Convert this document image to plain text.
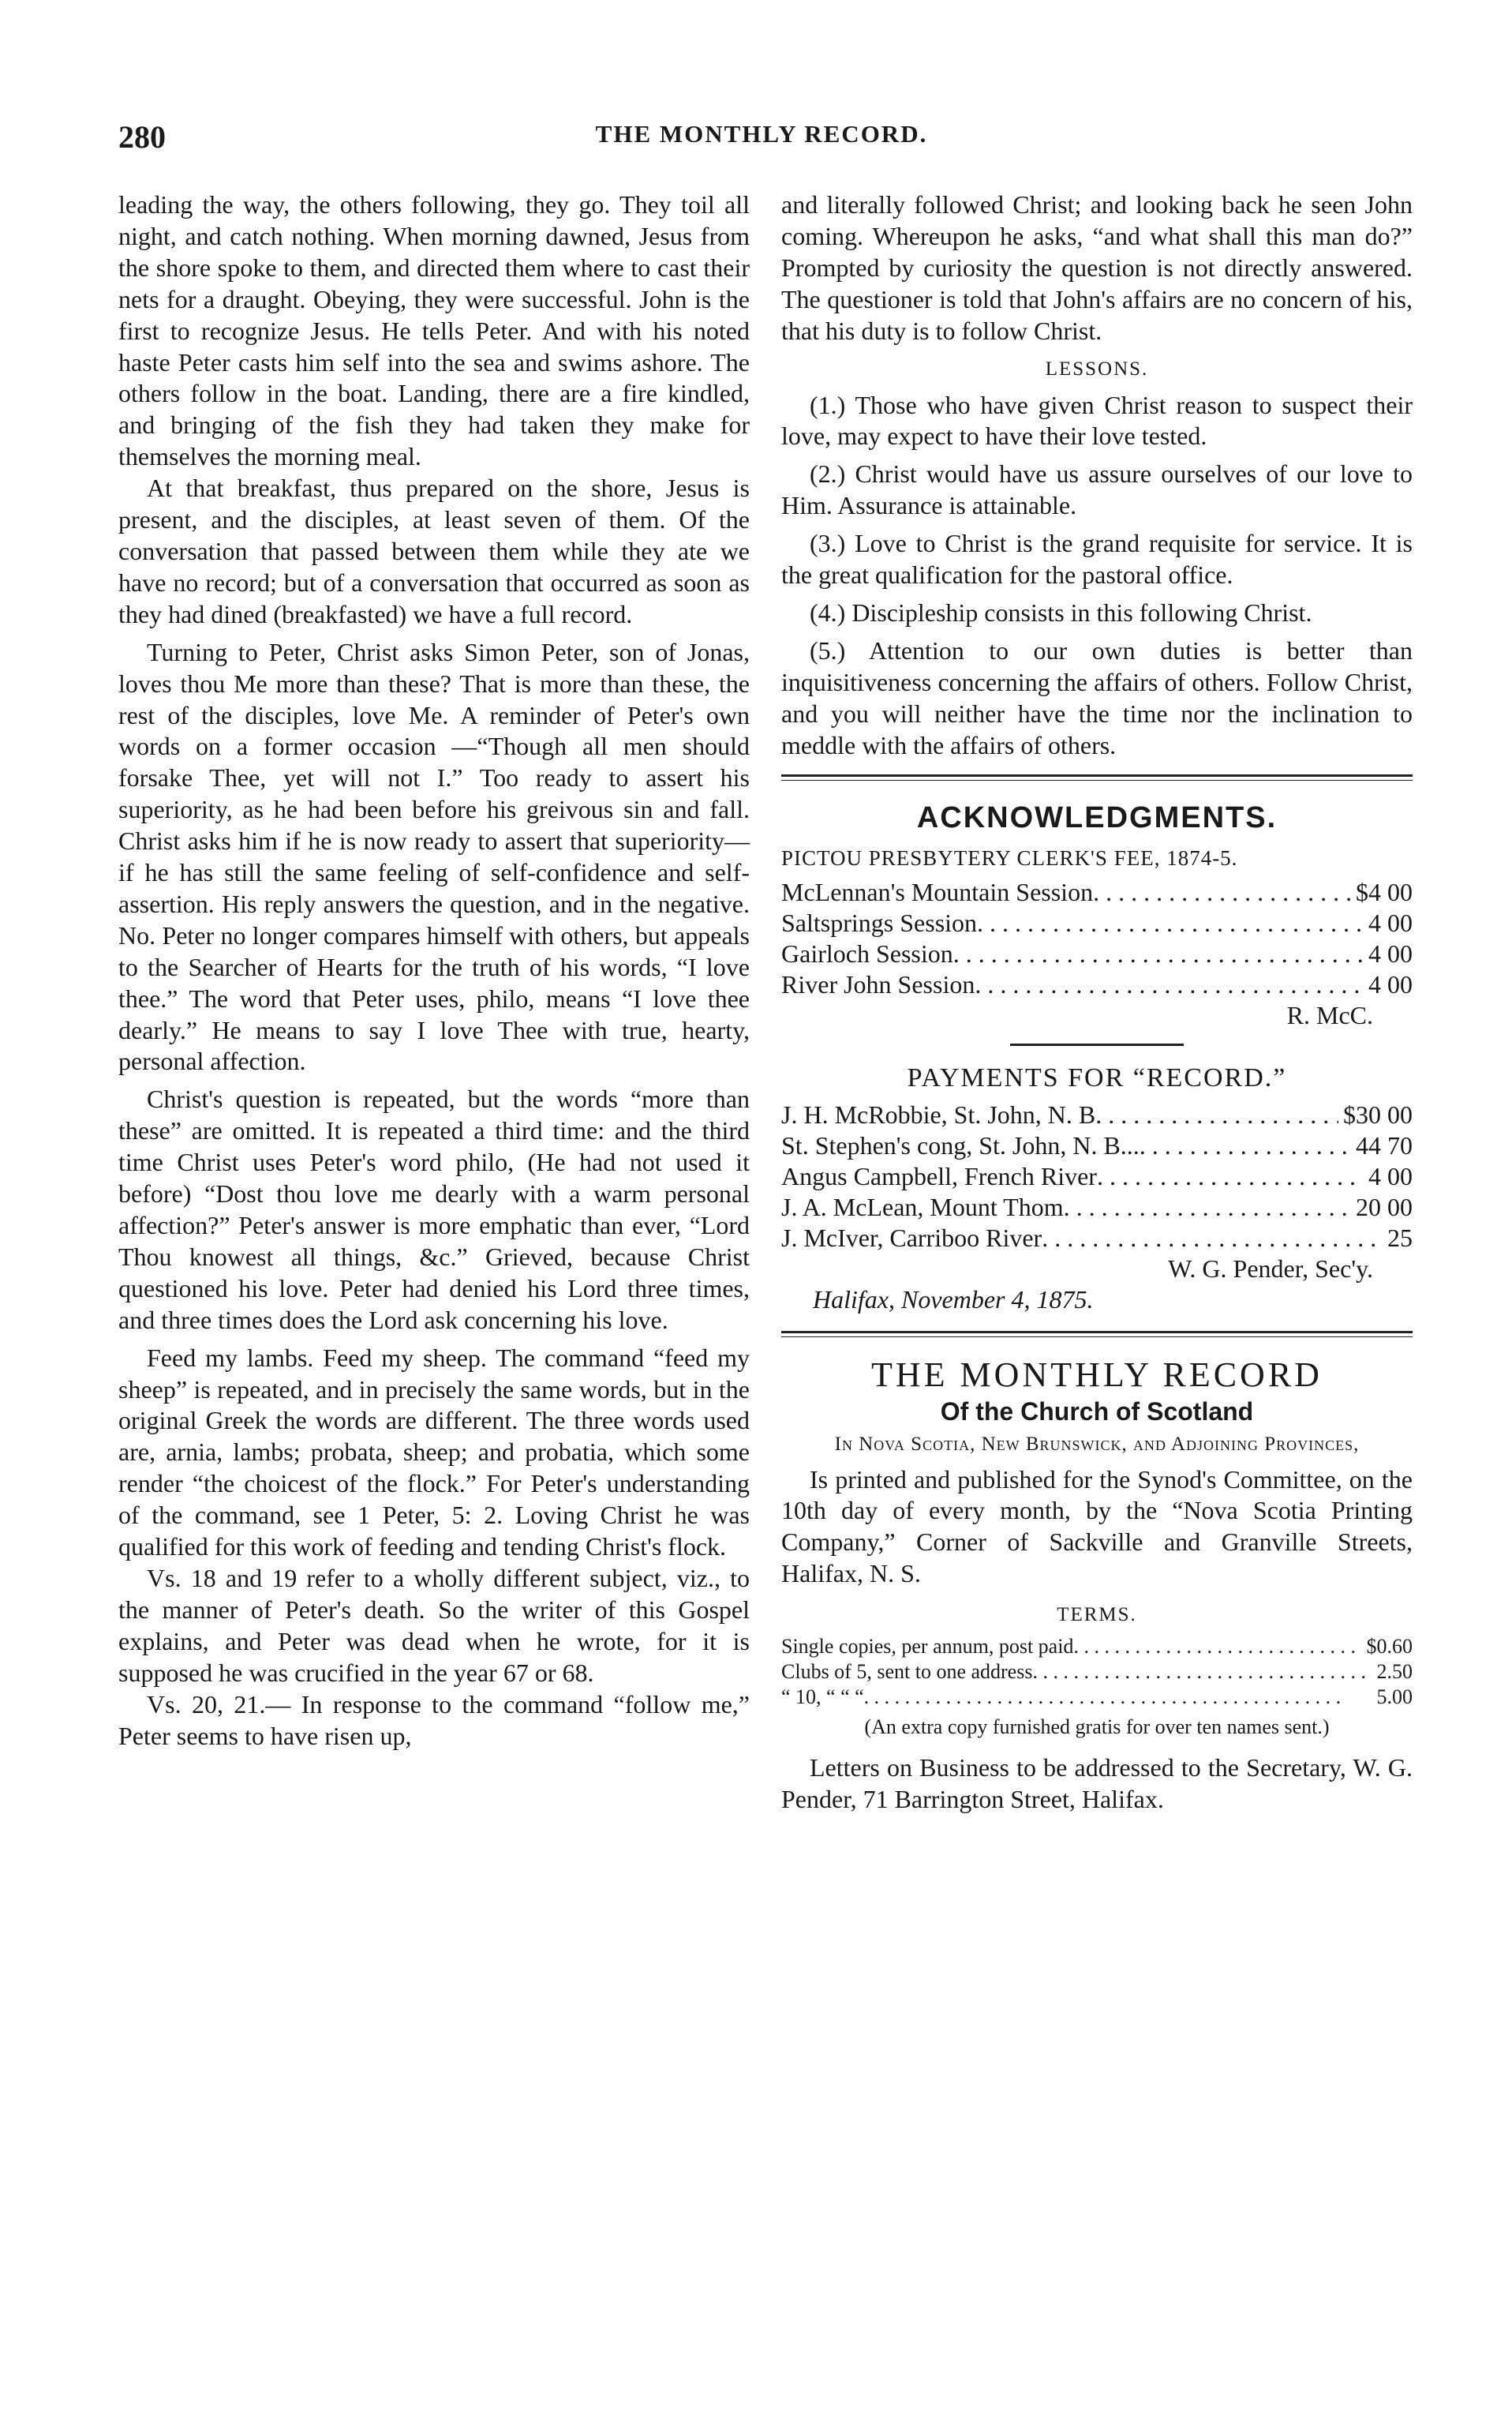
280	THE MONTHLY RECORD.

leading the way, the others following, they go. They toil all night, and catch nothing. When morning dawned, Jesus from the shore spoke to them, and directed them where to cast their nets for a draught. Obeying, they were successful. John is the first to recognize Jesus. He tells Peter. And with his noted haste Peter casts him self into the sea and swims ashore. The others follow in the boat. Landing, there are a fire kindled, and bringing of the fish they had taken they make for themselves the morning meal.

At that breakfast, thus prepared on the shore, Jesus is present, and the disciples, at least seven of them. Of the conversation that passed between them while they ate we have no record; but of a conversation that occurred as soon as they had dined (breakfasted) we have a full record.

Turning to Peter, Christ asks Simon Peter, son of Jonas, loves thou Me more than these? That is more than these, the rest of the disciples, love Me. A reminder of Peter's own words on a former occasion —“Though all men should forsake Thee, yet will not I.” Too ready to assert his superiority, as he had been before his greivous sin and fall. Christ asks him if he is now ready to assert that superiority—if he has still the same feeling of self-confidence and self-assertion. His reply answers the question, and in the negative. No. Peter no longer compares himself with others, but appeals to the Searcher of Hearts for the truth of his words, “I love thee.” The word that Peter uses, philo, means “I love thee dearly.” He means to say I love Thee with true, hearty, personal affection.

Christ's question is repeated, but the words “more than these” are omitted. It is repeated a third time: and the third time Christ uses Peter's word philo, (He had not used it before) “Dost thou love me dearly with a warm personal affection?” Peter's answer is more emphatic than ever, “Lord Thou knowest all things, &c.” Grieved, because Christ questioned his love. Peter had denied his Lord three times, and three times does the Lord ask concerning his love.

Feed my lambs. Feed my sheep. The command “feed my sheep” is repeated, and in precisely the same words, but in the original Greek the words are different. The three words used are, arnia, lambs; probata, sheep; and probatia, which some render “the choicest of the flock.” For Peter's understanding of the command, see 1 Peter, 5: 2. Loving Christ he was qualified for this work of feeding and tending Christ's flock.

Vs. 18 and 19 refer to a wholly different subject, viz., to the manner of Peter's death. So the writer of this Gospel explains, and Peter was dead when he wrote, for it is supposed he was crucified in the year 67 or 68.

Vs. 20, 21.— In response to the command “follow me,” Peter seems to have risen up,

and literally followed Christ; and looking back he seen John coming. Whereupon he asks, “and what shall this man do?” Prompted by curiosity the question is not directly answered. The questioner is told that John's affairs are no concern of his, that his duty is to follow Christ.

LESSONS.

(1.) Those who have given Christ reason to suspect their love, may expect to have their love tested.

(2.) Christ would have us assure ourselves of our love to Him. Assurance is attainable.

(3.) Love to Christ is the grand requisite for service. It is the great qualification for the pastoral office.

(4.) Discipleship consists in this following Christ.

(5.) Attention to our own duties is better than inquisitiveness concerning the affairs of others. Follow Christ, and you will neither have the time nor the inclination to meddle with the affairs of others.

ACKNOWLEDGMENTS.
PICTOU PRESBYTERY CLERK'S FEE, 1874-5.
McLennan's Mountain Session . . .	$4 00
Saltsprings Session . . .	4 00
Gairloch Session . . .	4 00
River John Session . . .	4 00
R. McC.
PAYMENTS FOR “RECORD.”
J. H. McRobbie, St. John, N. B . . .	$30 00
St. Stephen's cong, St. John, N. B... . . .	44 70
Angus Campbell, French River . . .	4 00
J. A. McLean, Mount Thom . . .	20 00
J. McIver, Carriboo River . . .	25
W. G. Pender, Sec'y.
Halifax, November 4, 1875.
THE MONTHLY RECORD
Of the Church of Scotland
In Nova Scotia, New Brunswick, and Adjoining Provinces,

Is printed and published for the Synod's Committee, on the 10th day of every month, by the “Nova Scotia Printing Company,” Corner of Sackville and Granville Streets, Halifax, N. S.

TERMS.
Single copies, per annum, post paid . . .	$0.60
Clubs of 5, sent to one address . . .	2.50
“ 10, “ “ “ . . .	5.00
(An extra copy furnished gratis for over ten names sent.)

Letters on Business to be addressed to the Secretary, W. G. Pender, 71 Barrington Street, Halifax.
